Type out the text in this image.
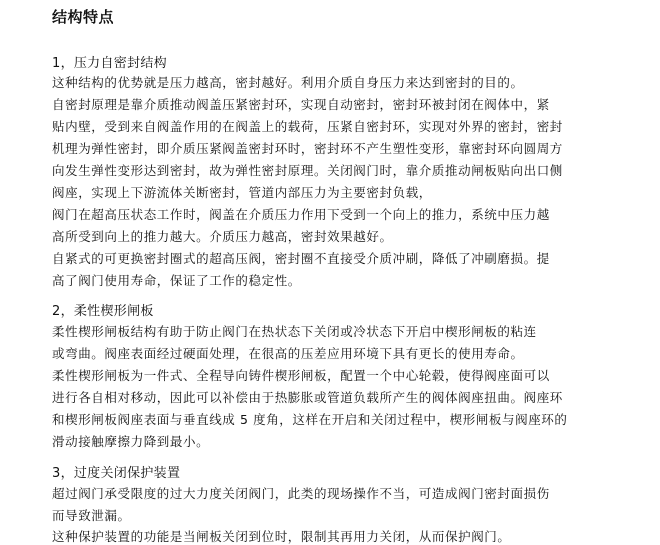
结构特点
1，压力自密封结构
这种结构的优势就是压力越高，密封越好。利用介质自身压力来达到密封的目的。
自密封原理是靠介质推动阀盖压紧密封环，实现自动密封，密封环被封闭在阀体中，紧
贴内壁，受到来自阀盖作用的在阀盖上的载荷，压紧自密封环，实现对外界的密封，密封
机理为弹性密封，即介质压紧阀盖密封环时，密封环不产生塑性变形，靠密封环向圆周方
向发生弹性变形达到密封，故为弹性密封原理。关闭阀门时，靠介质推动闸板贴向出口侧
阀座，实现上下游流体关断密封，管道内部压力为主要密封负载，
阀门在超高压状态工作时，阀盖在介质压力作用下受到一个向上的推力，系统中压力越
高所受到向上的推力越大。介质压力越高，密封效果越好。
自紧式的可更换密封圈式的超高压阀，密封圈不直接受介质冲刷，降低了冲刷磨损。提
高了阀门使用寿命，保证了工作的稳定性。
2，柔性楔形闸板
柔性楔形闸板结构有助于防止阀门在热状态下关闭或冷状态下开启中楔形闸板的粘连
或弯曲。阀座表面经过硬面处理，在很高的压差应用环境下具有更长的使用寿命。
柔性楔形闸板为一件式、全程导向铸件楔形闸板，配置一个中心轮毂，使得阀座面可以
进行各自相对移动，因此可以补偿由于热膨胀或管道负载所产生的阀体阀座扭曲。阀座环
和楔形闸板阀座表面与垂直线成 5 度角，这样在开启和关闭过程中，楔形闸板与阀座环的
滑动接触摩擦力降到最小。
3，过度关闭保护装置
超过阀门承受限度的过大力度关闭阀门，此类的现场操作不当，可造成阀门密封面损伤
而导致泄漏。
这种保护装置的功能是当闸板关闭到位时，限制其再用力关闭，从而保护阀门。
